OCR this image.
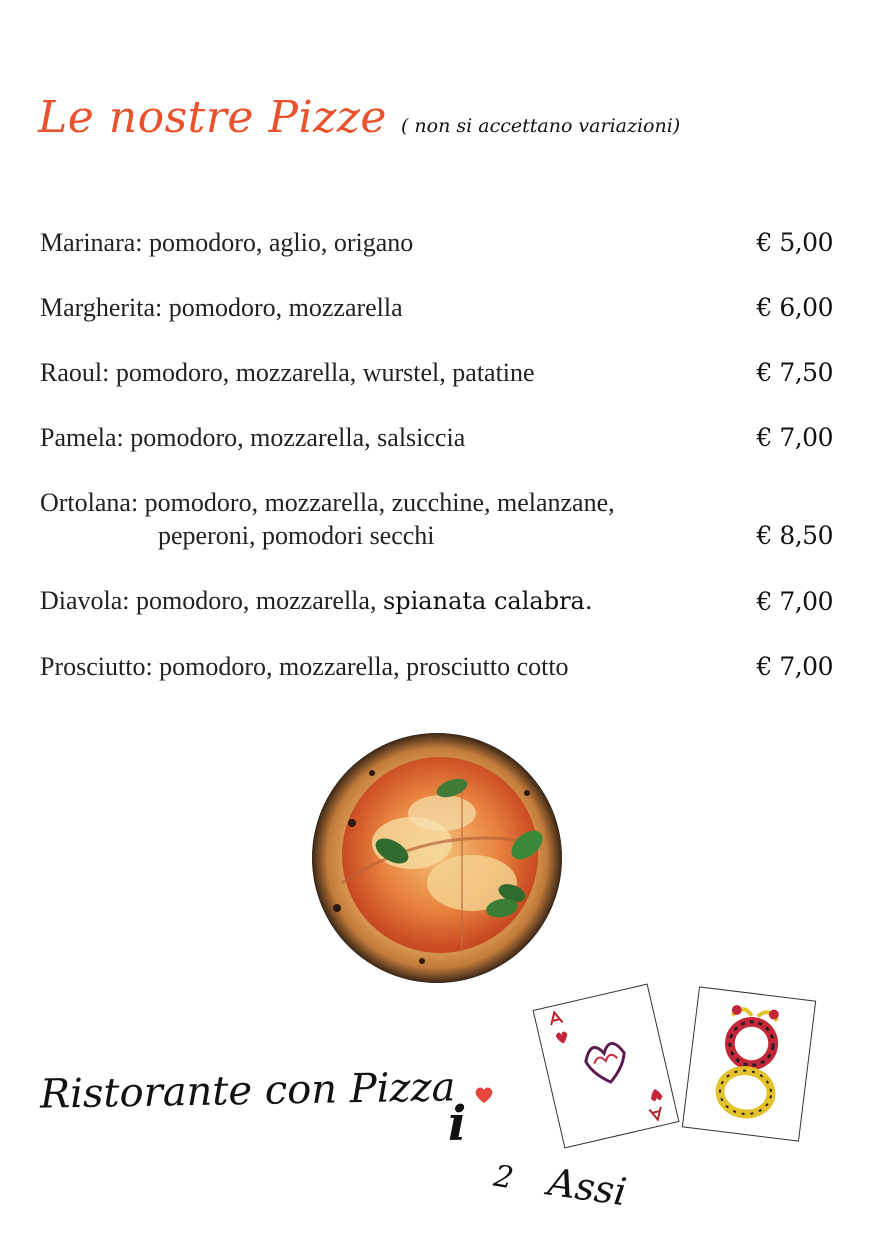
Le nostre Pizze ( non si accettano variazioni)
Marinara: pomodoro, aglio, origano	€ 5,00
Margherita: pomodoro, mozzarella	€ 6,00
Raoul: pomodoro, mozzarella, wurstel, patatine	€ 7,50
Pamela: pomodoro, mozzarella, salsiccia	€ 7,00
Ortolana: pomodoro, mozzarella, zucchine, melanzane,
peperoni, pomodori secchi	€ 8,50
Diavola: pomodoro, mozzarella, spianata calabra.	€ 7,00
Prosciutto: pomodoro, mozzarella, prosciutto cotto	€ 7,00
Ristorante con Pizza
i
2 Assi
